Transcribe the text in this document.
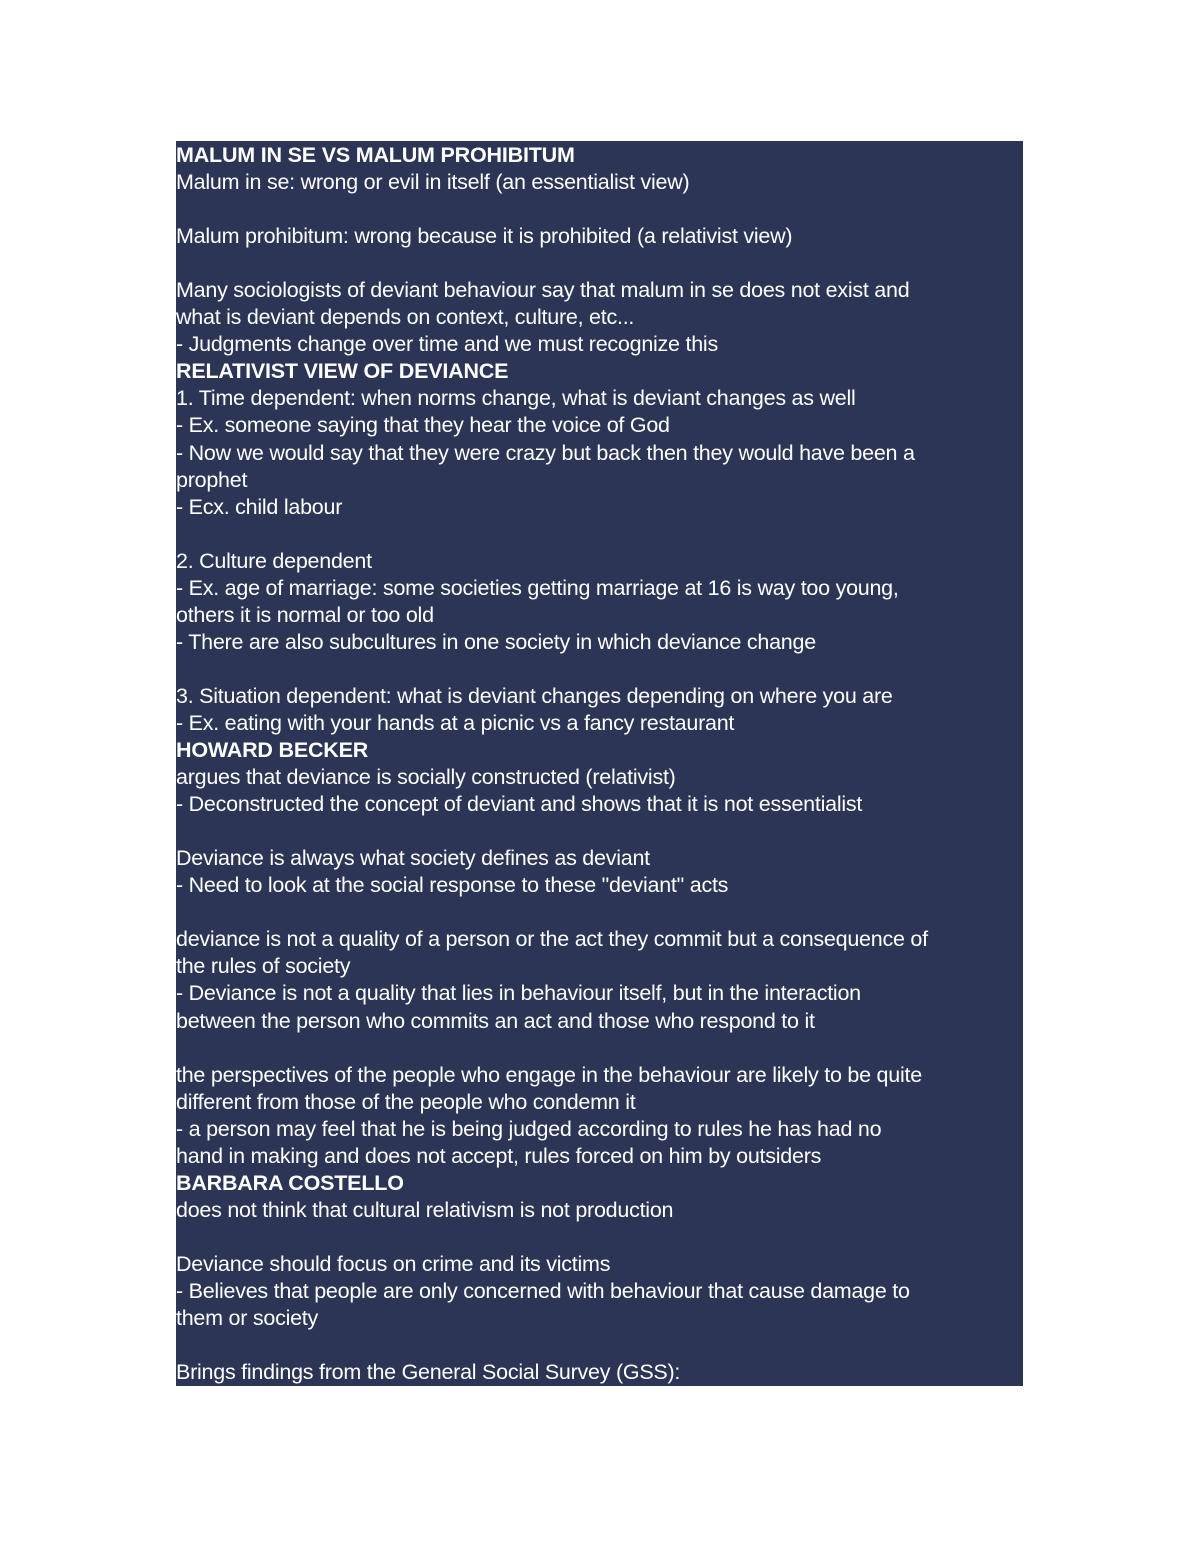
MALUM IN SE VS MALUM PROHIBITUM
Malum in se: wrong or evil in itself (an essentialist view)
Malum prohibitum: wrong because it is prohibited (a relativist view)
Many sociologists of deviant behaviour say that malum in se does not exist and
what is deviant depends on context, culture, etc...
- Judgments change over time and we must recognize this
RELATIVIST VIEW OF DEVIANCE
1. Time dependent: when norms change, what is deviant changes as well
- Ex. someone saying that they hear the voice of God
- Now we would say that they were crazy but back then they would have been a
prophet
- Ecx. child labour
2. Culture dependent
- Ex. age of marriage: some societies getting marriage at 16 is way too young,
others it is normal or too old
- There are also subcultures in one society in which deviance change
3. Situation dependent: what is deviant changes depending on where you are
- Ex. eating with your hands at a picnic vs a fancy restaurant
HOWARD BECKER
argues that deviance is socially constructed (relativist)
- Deconstructed the concept of deviant and shows that it is not essentialist
Deviance is always what society defines as deviant
- Need to look at the social response to these "deviant" acts
deviance is not a quality of a person or the act they commit but a consequence of
the rules of society
- Deviance is not a quality that lies in behaviour itself, but in the interaction
between the person who commits an act and those who respond to it
the perspectives of the people who engage in the behaviour are likely to be quite
different from those of the people who condemn it
- a person may feel that he is being judged according to rules he has had no
hand in making and does not accept, rules forced on him by outsiders
BARBARA COSTELLO
does not think that cultural relativism is not production
Deviance should focus on crime and its victims
- Believes that people are only concerned with behaviour that cause damage to
them or society
Brings findings from the General Social Survey (GSS):
